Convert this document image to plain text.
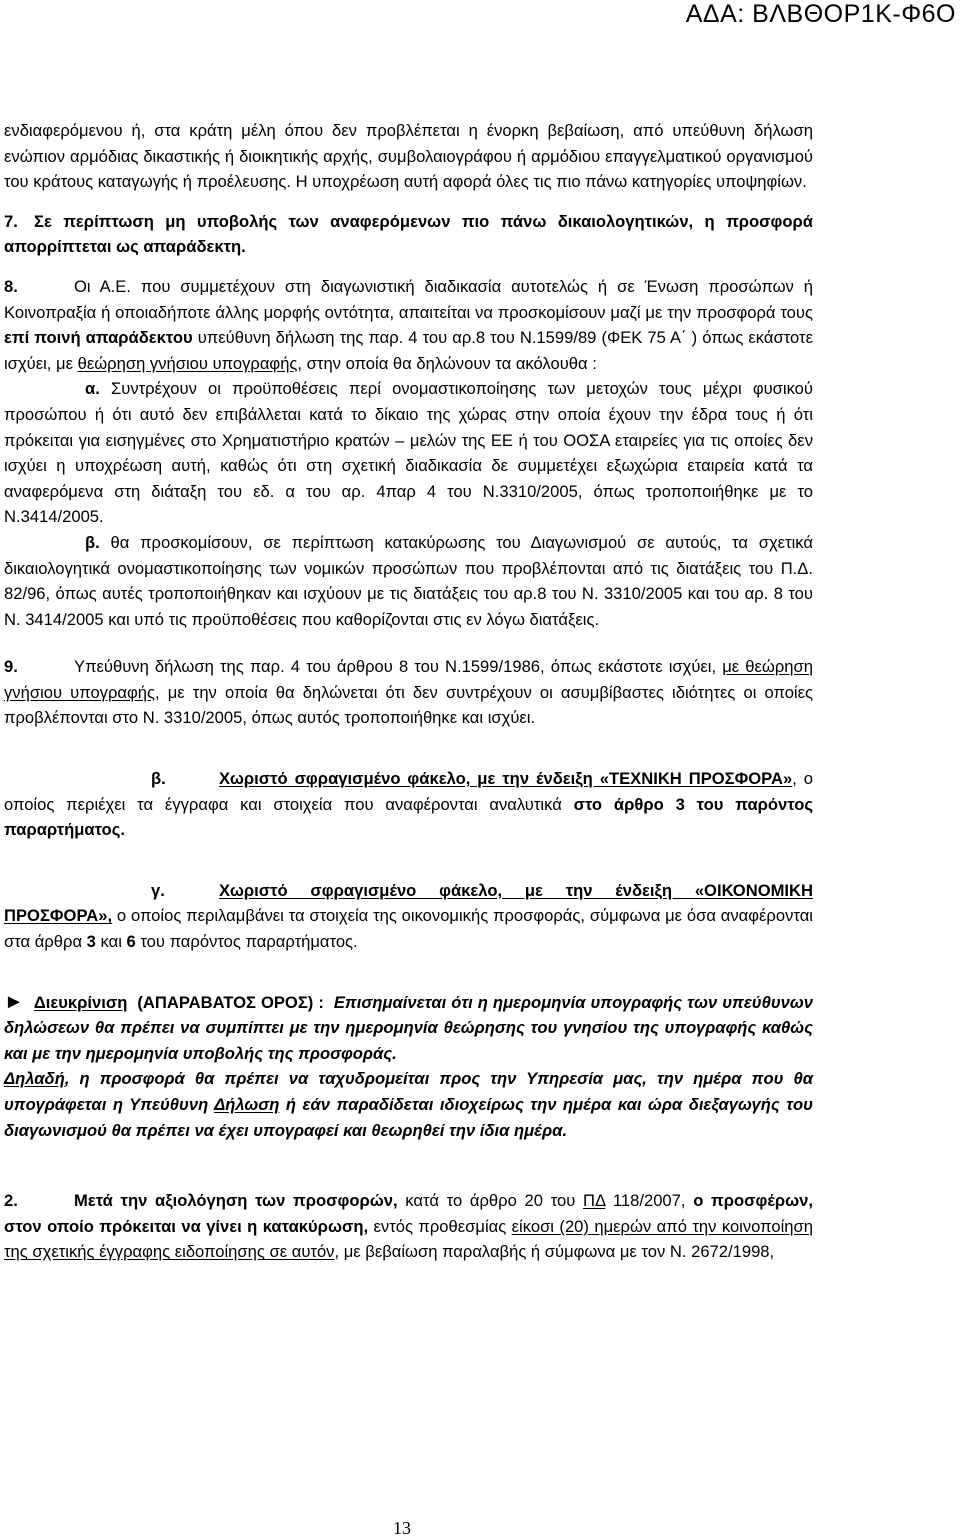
ΑΔΑ: ΒΛΒΘΟΡ1Κ-Φ6Ο

ενδιαφερόμενου ή, στα κράτη μέλη όπου δεν προβλέπεται η ένορκη βεβαίωση, από υπεύθυνη δήλωση ενώπιον αρμόδιας δικαστικής ή διοικητικής αρχής, συμβολαιογράφου ή αρμόδιου επαγγελματικού οργανισμού του κράτους καταγωγής ή προέλευσης. Η υποχρέωση αυτή αφορά όλες τις πιο πάνω κατηγορίες υποψηφίων.

7. Σε περίπτωση μη υποβολής των αναφερόμενων πιο πάνω δικαιολογητικών, η προσφορά απορρίπτεται ως απαράδεκτη.

8.	Οι Α.Ε. που συμμετέχουν στη διαγωνιστική διαδικασία αυτοτελώς ή σε Ένωση προσώπων ή Κοινοπραξία ή οποιαδήποτε άλλης μορφής οντότητα, απαιτείται να προσκομίσουν μαζί με την προσφορά τους επί ποινή απαράδεκτου υπεύθυνη δήλωση της παρ. 4 του αρ.8 του Ν.1599/89 (ΦΕΚ 75 Α΄ ) όπως εκάστοτε ισχύει, με θεώρηση γνήσιου υπογραφής, στην οποία θα δηλώνουν τα ακόλουθα :

α. Συντρέχουν οι προϋποθέσεις περί ονομαστικοποίησης των μετοχών τους μέχρι φυσικού προσώπου ή ότι αυτό δεν επιβάλλεται κατά το δίκαιο της χώρας στην οποία έχουν την έδρα τους ή ότι πρόκειται για εισηγμένες στο Χρηματιστήριο κρατών – μελών της ΕΕ ή του ΟΟΣΑ εταιρείες για τις οποίες δεν ισχύει η υποχρέωση αυτή, καθώς ότι στη σχετική διαδικασία δε συμμετέχει εξωχώρια εταιρεία κατά τα αναφερόμενα στη διάταξη του εδ. α του αρ. 4παρ 4 του Ν.3310/2005, όπως τροποποιήθηκε με το Ν.3414/2005.

β. θα προσκομίσουν, σε περίπτωση κατακύρωσης του Διαγωνισμού σε αυτούς, τα σχετικά δικαιολογητικά ονομαστικοποίησης των νομικών προσώπων που προβλέπονται από τις διατάξεις του Π.Δ. 82/96, όπως αυτές τροποποιήθηκαν και ισχύουν με τις διατάξεις του αρ.8 του Ν. 3310/2005 και του αρ. 8 του Ν. 3414/2005 και υπό τις προϋποθέσεις που καθορίζονται στις εν λόγω διατάξεις.

9.	Υπεύθυνη δήλωση της παρ. 4 του άρθρου 8 του Ν.1599/1986, όπως εκάστοτε ισχύει, με θεώρηση γνήσιου υπογραφής, με την οποία θα δηλώνεται ότι δεν συντρέχουν οι ασυμβίβαστες ιδιότητες οι οποίες προβλέπονται στο Ν. 3310/2005, όπως αυτός τροποποιήθηκε και ισχύει.

β.	Χωριστό σφραγισμένο φάκελο, με την ένδειξη «ΤΕΧΝΙΚΗ ΠΡΟΣΦΟΡΑ», ο οποίος περιέχει τα έγγραφα και στοιχεία που αναφέρονται αναλυτικά στο άρθρο 3 του παρόντος παραρτήματος.

γ.	Χωριστό σφραγισμένο φάκελο, με την ένδειξη «ΟΙΚΟΝΟΜΙΚΗ ΠΡΟΣΦΟΡΑ», ο οποίος περιλαμβάνει τα στοιχεία της οικονομικής προσφοράς, σύμφωνα με όσα αναφέρονται στα άρθρα 3 και 6 του παρόντος παραρτήματος.

► Διευκρίνιση (ΑΠΑΡΑΒΑΤΟΣ ΟΡΟΣ) : Επισημαίνεται ότι η ημερομηνία υπογραφής των υπεύθυνων δηλώσεων θα πρέπει να συμπίπτει με την ημερομηνία θεώρησης του γνησίου της υπογραφής καθώς και με την ημερομηνία υποβολής της προσφοράς.

Δηλαδή, η προσφορά θα πρέπει να ταχυδρομείται προς την Υπηρεσία μας, την ημέρα που θα υπογράφεται η Υπεύθυνη Δήλωση ή εάν παραδίδεται ιδιοχείρως την ημέρα και ώρα διεξαγωγής του διαγωνισμού θα πρέπει να έχει υπογραφεί και θεωρηθεί την ίδια ημέρα.

2.	Μετά την αξιολόγηση των προσφορών, κατά το άρθρο 20 του ΠΔ 118/2007, ο προσφέρων, στον οποίο πρόκειται να γίνει η κατακύρωση, εντός προθεσμίας είκοσι (20) ημερών από την κοινοποίηση της σχετικής έγγραφης ειδοποίησης σε αυτόν, με βεβαίωση παραλαβής ή σύμφωνα με τον Ν. 2672/1998,

13
